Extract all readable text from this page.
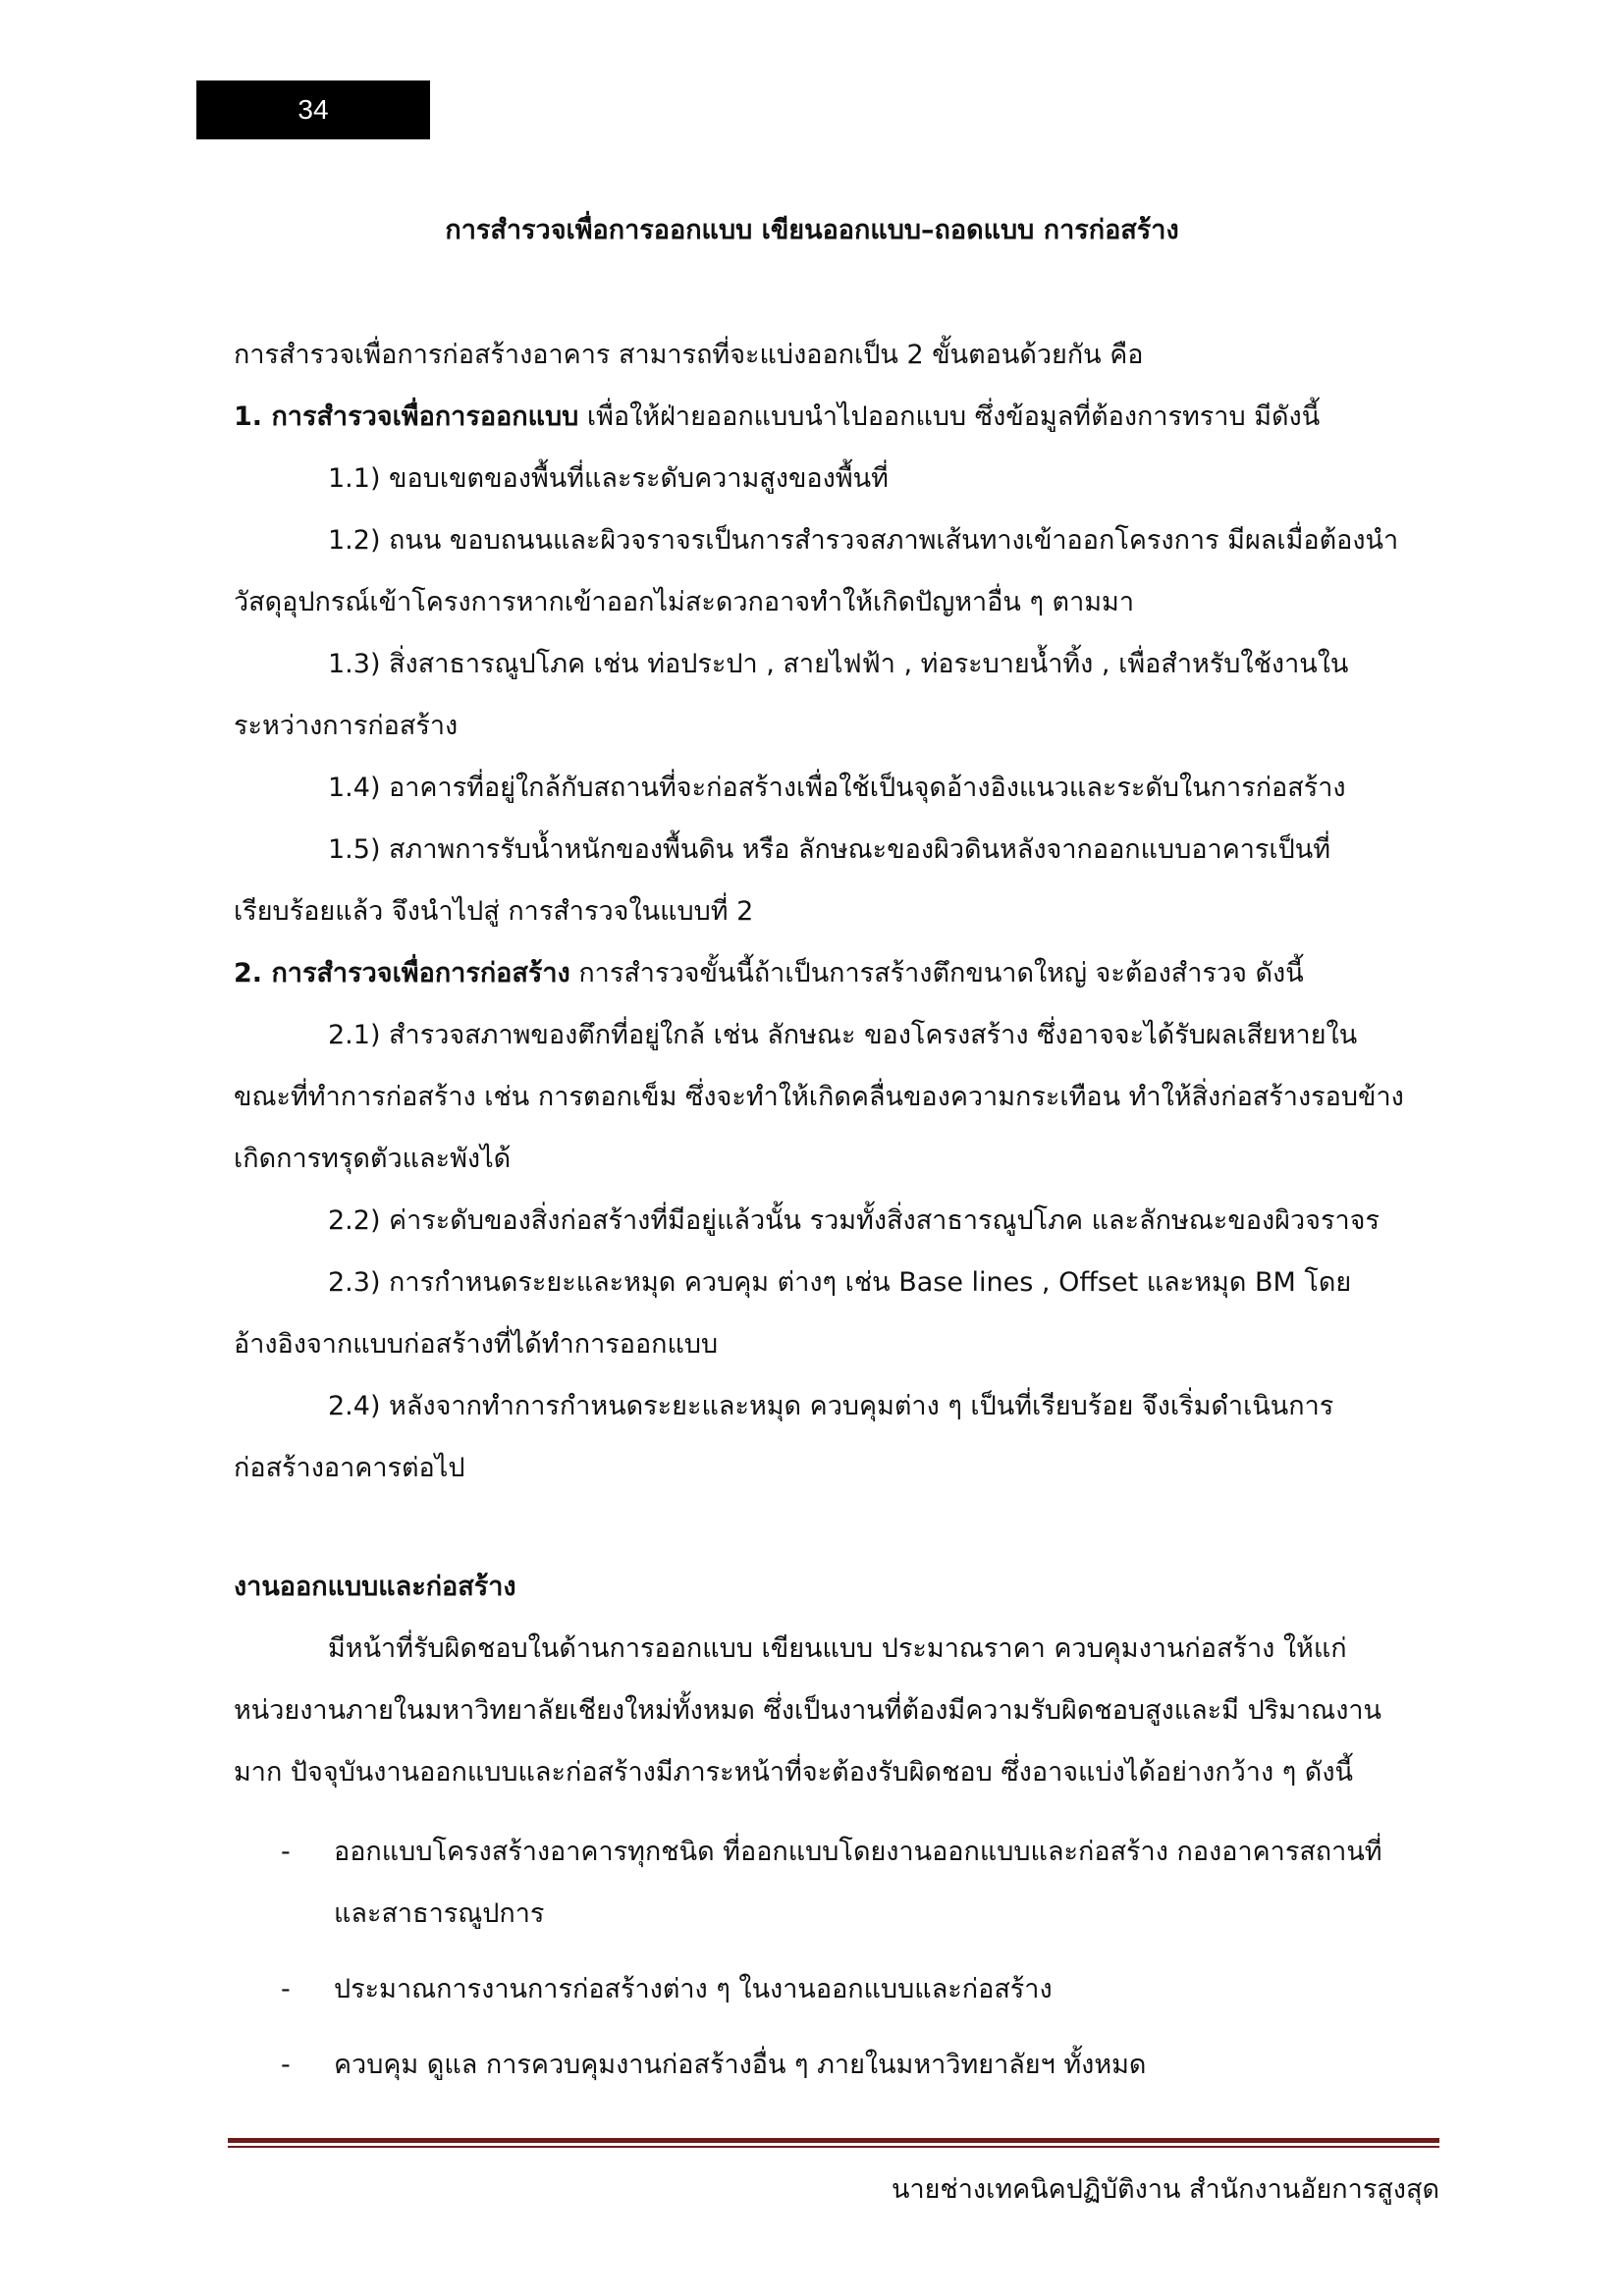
34
การสำรวจเพื่อการออกแบบ เขียนออกแบบ–ถอดแบบ การก่อสร้าง
การสำรวจเพื่อการก่อสร้างอาคาร สามารถที่จะแบ่งออกเป็น 2 ขั้นตอนด้วยกัน คือ
1. การสำรวจเพื่อการออกแบบ เพื่อให้ฝ่ายออกแบบนำไปออกแบบ ซึ่งข้อมูลที่ต้องการทราบ มีดังนี้
1.1) ขอบเขตของพื้นที่และระดับความสูงของพื้นที่
1.2) ถนน ขอบถนนและผิวจราจรเป็นการสำรวจสภาพเส้นทางเข้าออกโครงการ มีผลเมื่อต้องนำ
วัสดุอุปกรณ์เข้าโครงการหากเข้าออกไม่สะดวกอาจทำให้เกิดปัญหาอื่น ๆ ตามมา
1.3) สิ่งสาธารณูปโภค เช่น ท่อประปา , สายไฟฟ้า , ท่อระบายน้ำทิ้ง , เพื่อสำหรับใช้งานใน
ระหว่างการก่อสร้าง
1.4) อาคารที่อยู่ใกล้กับสถานที่จะก่อสร้างเพื่อใช้เป็นจุดอ้างอิงแนวและระดับในการก่อสร้าง
1.5) สภาพการรับน้ำหนักของพื้นดิน หรือ ลักษณะของผิวดินหลังจากออกแบบอาคารเป็นที่
เรียบร้อยแล้ว จึงนำไปสู่ การสำรวจในแบบที่ 2
2. การสำรวจเพื่อการก่อสร้าง การสำรวจขั้นนี้ถ้าเป็นการสร้างตึกขนาดใหญ่ จะต้องสำรวจ ดังนี้
2.1) สำรวจสภาพของตึกที่อยู่ใกล้ เช่น ลักษณะ ของโครงสร้าง ซึ่งอาจจะได้รับผลเสียหายใน
ขณะที่ทำการก่อสร้าง เช่น การตอกเข็ม ซึ่งจะทำให้เกิดคลื่นของความกระเทือน ทำให้สิ่งก่อสร้างรอบข้าง
เกิดการทรุดตัวและพังได้
2.2) ค่าระดับของสิ่งก่อสร้างที่มีอยู่แล้วนั้น รวมทั้งสิ่งสาธารณูปโภค และลักษณะของผิวจราจร
2.3) การกำหนดระยะและหมุด ควบคุม ต่างๆ เช่น Base lines , Offset และหมุด BM โดย
อ้างอิงจากแบบก่อสร้างที่ได้ทำการออกแบบ
2.4) หลังจากทำการกำหนดระยะและหมุด ควบคุมต่าง ๆ เป็นที่เรียบร้อย จึงเริ่มดำเนินการ
ก่อสร้างอาคารต่อไป
งานออกแบบและก่อสร้าง
มีหน้าที่รับผิดชอบในด้านการออกแบบ เขียนแบบ ประมาณราคา ควบคุมงานก่อสร้าง ให้แก่
หน่วยงานภายในมหาวิทยาลัยเชียงใหม่ทั้งหมด ซึ่งเป็นงานที่ต้องมีความรับผิดชอบสูงและมี ปริมาณงาน
มาก ปัจจุบันงานออกแบบและก่อสร้างมีภาระหน้าที่จะต้องรับผิดชอบ ซึ่งอาจแบ่งได้อย่างกว้าง ๆ ดังนี้
- ออกแบบโครงสร้างอาคารทุกชนิด ที่ออกแบบโดยงานออกแบบและก่อสร้าง กองอาคารสถานที่
และสาธารณูปการ
- ประมาณการงานการก่อสร้างต่าง ๆ ในงานออกแบบและก่อสร้าง
- ควบคุม ดูแล การควบคุมงานก่อสร้างอื่น ๆ ภายในมหาวิทยาลัยฯ ทั้งหมด
นายช่างเทคนิคปฏิบัติงาน สำนักงานอัยการสูงสุด
